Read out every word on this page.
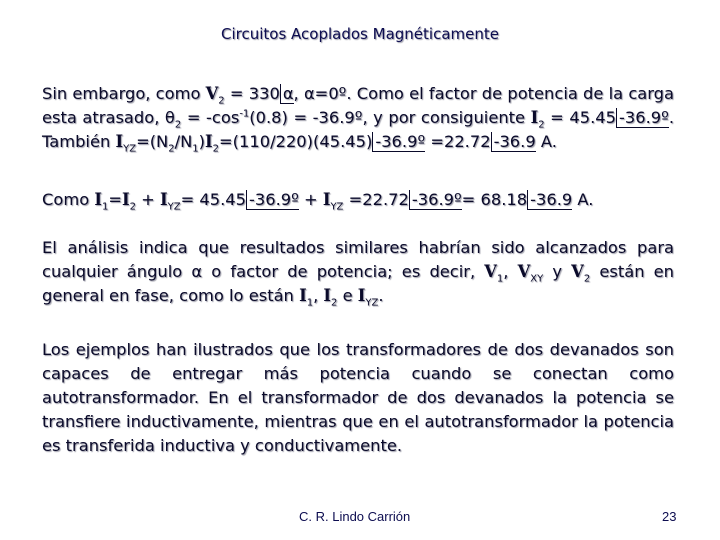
Circuitos Acoplados Magnéticamente
Sin embargo, como $V_2 = 330$ α, α=0º. Como el factor de potencia de la carga esta atrasado, $\theta_2 = -\cos^{-1}(0.8)$ = -36.9º, y por consiguiente $I_2 = 45.45$ -36.9º. También $I_{YZ}=(N_2/N_1)I_2=(110/220)(45.45)$ -36.9º =22.72 -36.9 A.
Como $I_1=I_2 + I_{YZ}= 45.45$ -36.9º + $I_{YZ} =22.72$ -36.9º= 68.18 -36.9 A.
El análisis indica que resultados similares habrían sido alcanzados para cualquier ángulo α o factor de potencia; es decir, $V_1$, $V_{XY}$ y $V_2$ están en general en fase, como lo están $I_1$, $I_2$ e $I_{YZ}$.
Los ejemplos han ilustrados que los transformadores de dos devanados son capaces de entregar más potencia cuando se conectan como autotransformador. En el transformador de dos devanados la potencia se transfiere inductivamente, mientras que en el autotransformador la potencia es transferida inductiva y conductivamente.
C. R. Lindo Carrión	23
